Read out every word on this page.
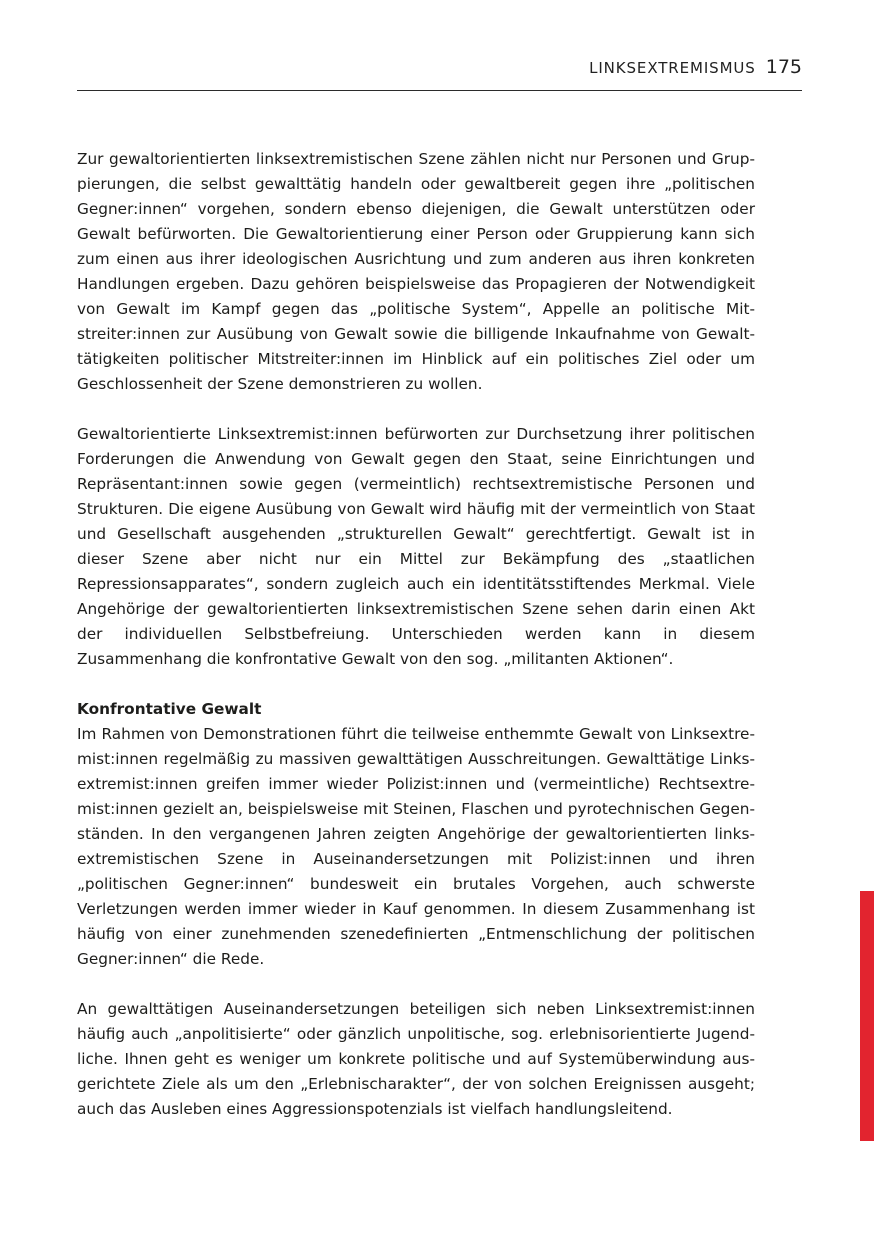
LINKSEXTREMISMUS 175

Zur gewaltorientierten linksextremistischen Szene zählen nicht nur Personen und Gruppierungen, die selbst gewalttätig handeln oder gewaltbereit gegen ihre „politischen Gegner:innen“ vorgehen, sondern ebenso diejenigen, die Gewalt unterstützen oder Gewalt befürworten. Die Gewaltorientierung einer Person oder Gruppierung kann sich zum einen aus ihrer ideologischen Ausrichtung und zum anderen aus ihren konkreten Handlungen ergeben. Dazu gehören beispielsweise das Propagieren der Notwendigkeit von Gewalt im Kampf gegen das „politische System“, Appelle an politische Mitstreiter:innen zur Ausübung von Gewalt sowie die billigende Inkaufnahme von Gewalttätigkeiten politischer Mitstreiter:innen im Hinblick auf ein politisches Ziel oder um Geschlossenheit der Szene demonstrieren zu wollen.

Gewaltorientierte Linksextremist:innen befürworten zur Durchsetzung ihrer politischen Forderungen die Anwendung von Gewalt gegen den Staat, seine Einrichtungen und Repräsentant:innen sowie gegen (vermeintlich) rechtsextremistische Personen und Strukturen. Die eigene Ausübung von Gewalt wird häufig mit der vermeintlich von Staat und Gesellschaft ausgehenden „strukturellen Gewalt“ gerechtfertigt. Gewalt ist in dieser Szene aber nicht nur ein Mittel zur Bekämpfung des „staatlichen Repressionsapparates“, sondern zugleich auch ein identitätsstiftendes Merkmal. Viele Angehörige der gewaltorientierten linksextremistischen Szene sehen darin einen Akt der individuellen Selbstbefreiung. Unterschieden werden kann in diesem Zusammenhang die konfrontative Gewalt von den sog. „militanten Aktionen“.

Konfrontative Gewalt

Im Rahmen von Demonstrationen führt die teilweise enthemmte Gewalt von Linksextremist:innen regelmäßig zu massiven gewalttätigen Ausschreitungen. Gewalttätige Linksextremist:innen greifen immer wieder Polizist:innen und (vermeintliche) Rechtsextremist:innen gezielt an, beispielsweise mit Steinen, Flaschen und pyrotechnischen Gegenständen. In den vergangenen Jahren zeigten Angehörige der gewaltorientierten linksextremistischen Szene in Auseinandersetzungen mit Polizist:innen und ihren „politischen Gegner:innen“ bundesweit ein brutales Vorgehen, auch schwerste Verletzungen werden immer wieder in Kauf genommen. In diesem Zusammenhang ist häufig von einer zunehmenden szenedefinierten „Entmenschlichung der politischen Gegner:innen“ die Rede.

An gewalttätigen Auseinandersetzungen beteiligen sich neben Linksextremist:innen häufig auch „anpolitisierte“ oder gänzlich unpolitische, sog. erlebnisorientierte Jugendliche. Ihnen geht es weniger um konkrete politische und auf Systemüberwindung ausgerichtete Ziele als um den „Erlebnischarakter“, der von solchen Ereignissen ausgeht; auch das Ausleben eines Aggressionspotenzials ist vielfach handlungsleitend.
